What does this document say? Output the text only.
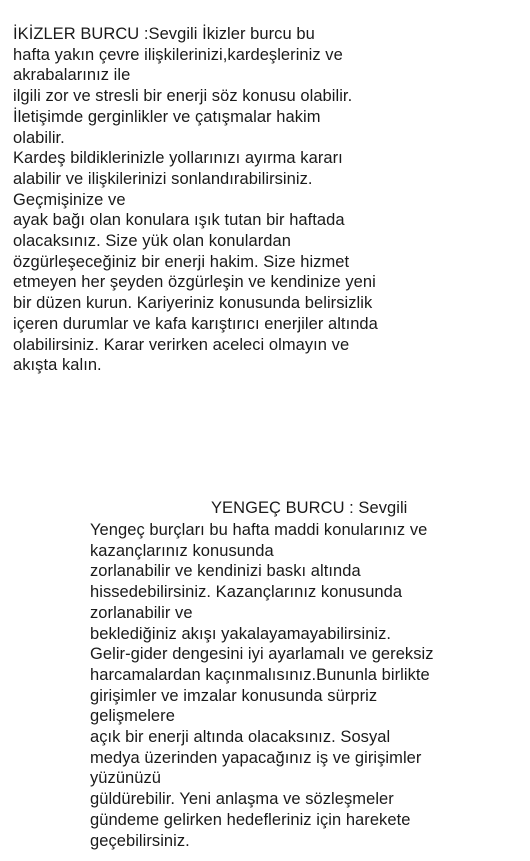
İKİZLER BURCU :Sevgili İkizler burcu bu
hafta yakın çevre ilişkilerinizi,kardeşleriniz ve
akrabalarınız ile
ilgili zor ve stresli bir enerji söz konusu olabilir.
İletişimde gerginlikler ve çatışmalar hakim
olabilir.
Kardeş bildiklerinizle yollarınızı ayırma kararı
alabilir ve ilişkilerinizi sonlandırabilirsiniz.
Geçmişinize ve
ayak bağı olan konulara ışık tutan bir haftada
olacaksınız. Size yük olan konulardan
özgürleşeceğiniz bir enerji hakim. Size hizmet
etmeyen her şeyden özgürleşin ve kendinize yeni
bir düzen kurun. Kariyeriniz konusunda belirsizlik
içeren durumlar ve kafa karıştırıcı enerjiler altında
olabilirsiniz. Karar verirken aceleci olmayın ve
akışta kalın.
YENGEÇ BURCU : Sevgili
Yengeç burçları bu hafta maddi konularınız ve
kazançlarınız konusunda
zorlanabilir ve kendinizi baskı altında
hissedebilirsiniz. Kazançlarınız konusunda
zorlanabilir ve
beklediğiniz akışı yakalayamayabilirsiniz.
Gelir-gider dengesini iyi ayarlamalı ve gereksiz
harcamalardan kaçınmalısınız.Bununla birlikte
girişimler ve imzalar konusunda sürpriz
gelişmelere
açık bir enerji altında olacaksınız. Sosyal
medya üzerinden yapacağınız iş ve girişimler
yüzünüzü
güldürebilir. Yeni anlaşma ve sözleşmeler
gündeme gelirken hedefleriniz için harekete
geçebilirsiniz.
